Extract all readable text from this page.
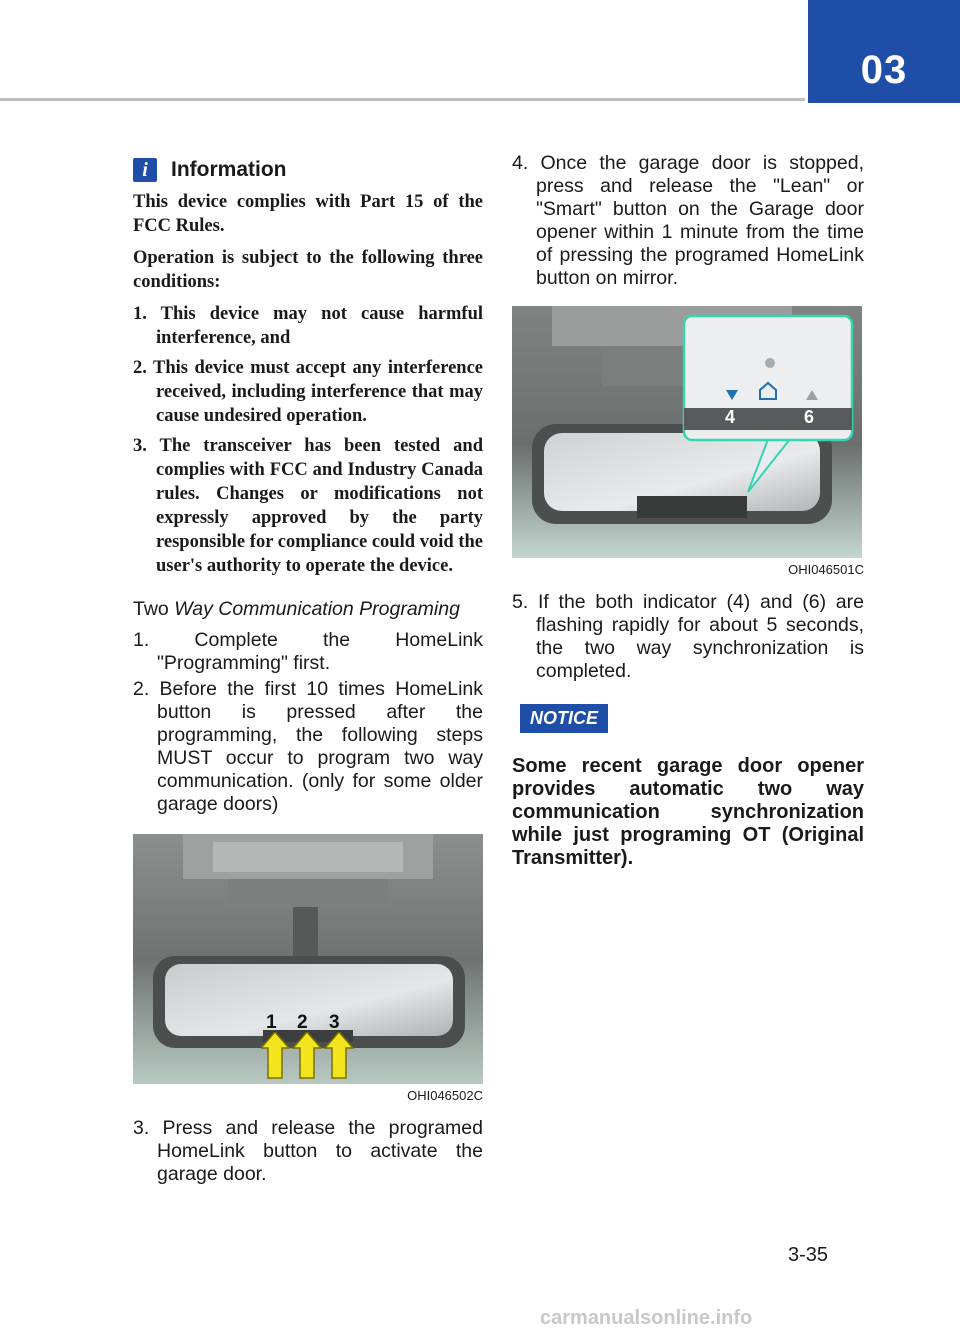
03
i	Information

This device complies with Part 15 of the FCC Rules.

Operation is subject to the following three conditions:

1. This device may not cause harmful interference, and
2. This device must accept any interference received, including interference that may cause undesired operation.
3. The transceiver has been tested and complies with FCC and Industry Canada rules. Changes or modifications not expressly approved by the party responsible for compliance could void the user's authority to operate the device.
Two Way Communication Programing
1. Complete the HomeLink "Programming" first.
2. Before the first 10 times HomeLink button is pressed after the programming, the following steps MUST occur to program two way communication. (only for some older garage doors)
1 2 3
OHI046502C
3. Press and release the programed HomeLink button to activate the garage door.
4. Once the garage door is stopped, press and release the "Lean" or "Smart" button on the Garage door opener within 1 minute from the time of pressing the programed HomeLink button on mirror.
4	6
OHI046501C
5. If the both indicator (4) and (6) are flashing rapidly for about 5 seconds, the two way synchronization is completed.
NOTICE

Some recent garage door opener provides automatic two way communication synchronization while just programing OT (Original Transmitter).

3-35
carmanualsonline.info
